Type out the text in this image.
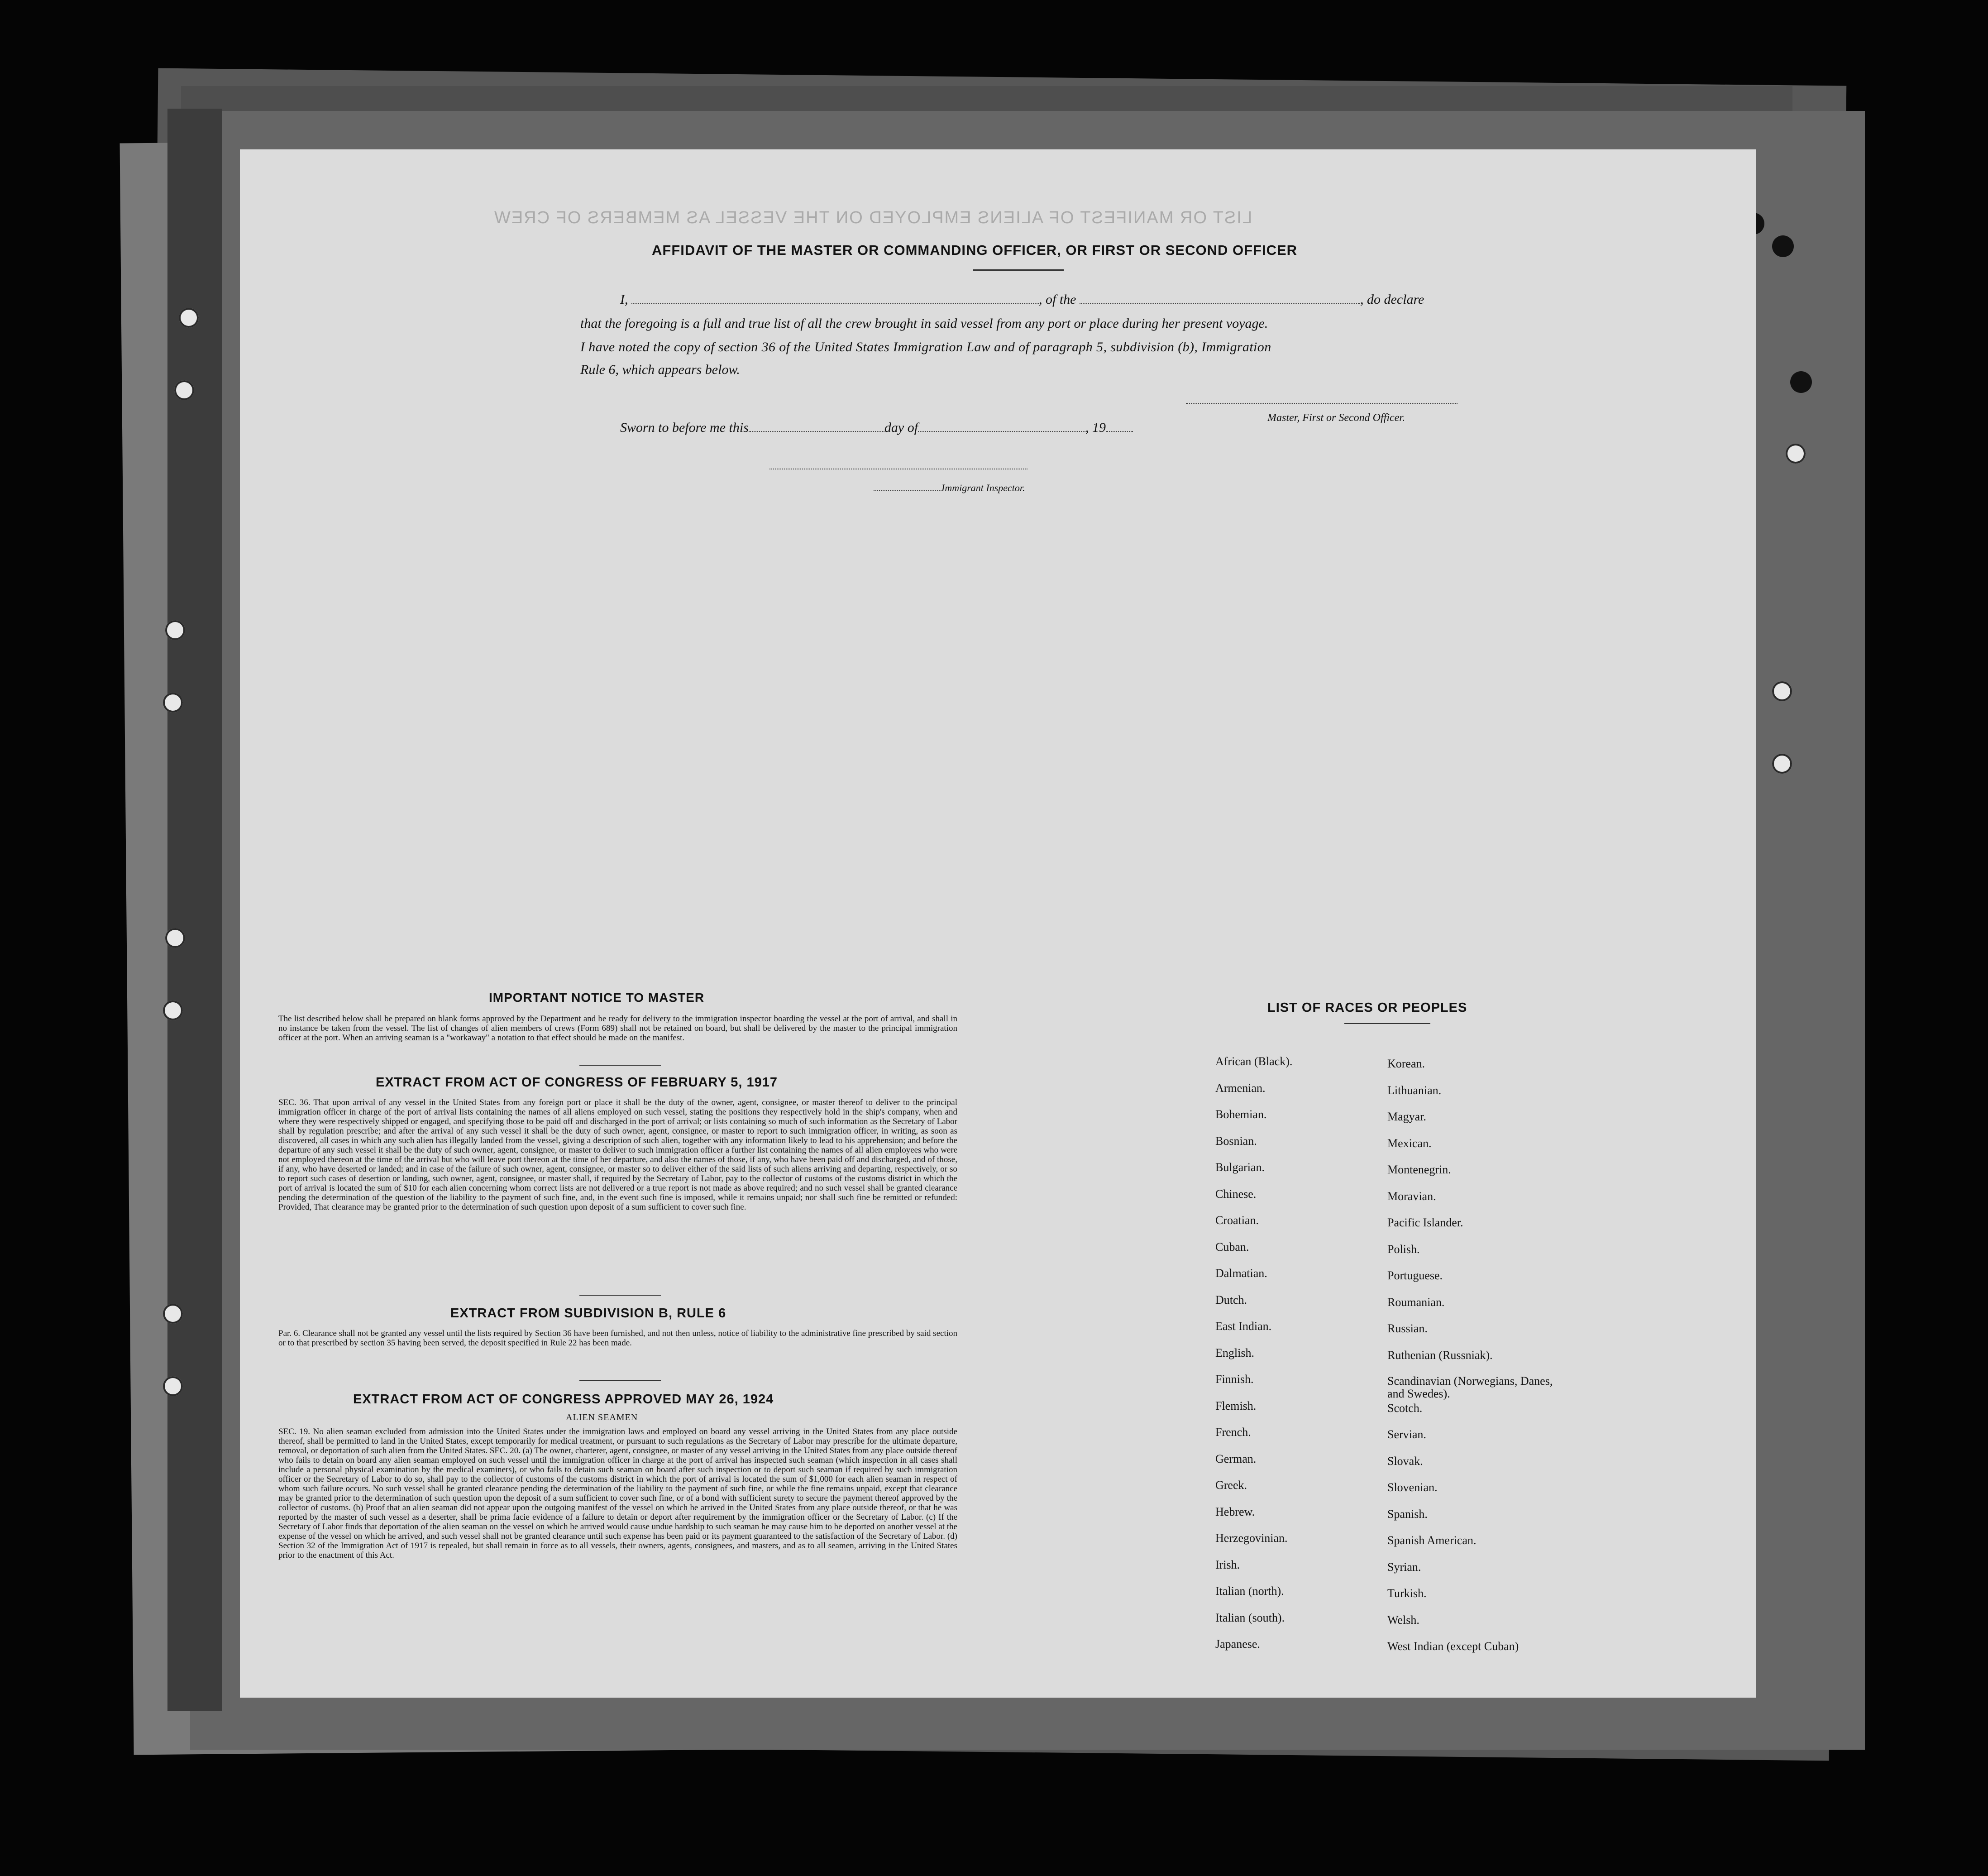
LIST OR MANIFEST OF ALIENS EMPLOYED ON THE VESSEL AS MEMBERS OF CREW
AFFIDAVIT OF THE MASTER OR COMMANDING OFFICER, OR FIRST OR SECOND OFFICER
I,	, of the	, do declare
that the foregoing is a full and true list of all the crew brought in said vessel from any port or place during her present voyage.
I have noted the copy of section 36 of the United States Immigration Law and of paragraph 5, subdivision (b), Immigration
Rule 6, which appears below.
Master, First or Second Officer.
Sworn to before me this	day of	, 19
Immigrant Inspector.
IMPORTANT NOTICE TO MASTER
The list described below shall be prepared on blank forms approved by the Department and be ready for delivery to the immigration inspector boarding the vessel at the port of arrival, and shall in no instance be taken from the vessel. The list of changes of alien members of crews (Form 689) shall not be retained on board, but shall be delivered by the master to the principal immigration officer at the port. When an arriving seaman is a "workaway" a notation to that effect should be made on the manifest.
EXTRACT FROM ACT OF CONGRESS OF FEBRUARY 5, 1917
SEC. 36. That upon arrival of any vessel in the United States from any foreign port or place it shall be the duty of the owner, agent, consignee, or master thereof to deliver to the principal immigration officer in charge of the port of arrival lists containing the names of all aliens employed on such vessel, stating the positions they respectively hold in the ship's company, when and where they were respectively shipped or engaged, and specifying those to be paid off and discharged in the port of arrival; or lists containing so much of such information as the Secretary of Labor shall by regulation prescribe; and after the arrival of any such vessel it shall be the duty of such owner, agent, consignee, or master to report to such immigration officer, in writing, as soon as discovered, all cases in which any such alien has illegally landed from the vessel, giving a description of such alien, together with any information likely to lead to his apprehension; and before the departure of any such vessel it shall be the duty of such owner, agent, consignee, or master to deliver to such immigration officer a further list containing the names of all alien employees who were not employed thereon at the time of the arrival but who will leave port thereon at the time of her departure, and also the names of those, if any, who have been paid off and discharged, and of those, if any, who have deserted or landed; and in case of the failure of such owner, agent, consignee, or master so to deliver either of the said lists of such aliens arriving and departing, respectively, or so to report such cases of desertion or landing, such owner, agent, consignee, or master shall, if required by the Secretary of Labor, pay to the collector of customs of the customs district in which the port of arrival is located the sum of $10 for each alien concerning whom correct lists are not delivered or a true report is not made as above required; and no such vessel shall be granted clearance pending the determination of the question of the liability to the payment of such fine, and, in the event such fine is imposed, while it remains unpaid; nor shall such fine be remitted or refunded: Provided, That clearance may be granted prior to the determination of such question upon deposit of a sum sufficient to cover such fine.
EXTRACT FROM SUBDIVISION B, RULE 6
Par. 6. Clearance shall not be granted any vessel until the lists required by Section 36 have been furnished, and not then unless, notice of liability to the administrative fine prescribed by said section or to that prescribed by section 35 having been served, the deposit specified in Rule 22 has been made.
EXTRACT FROM ACT OF CONGRESS APPROVED MAY 26, 1924
ALIEN SEAMEN
SEC. 19. No alien seaman excluded from admission into the United States under the immigration laws and employed on board any vessel arriving in the United States from any place outside thereof, shall be permitted to land in the United States, except temporarily for medical treatment, or pursuant to such regulations as the Secretary of Labor may prescribe for the ultimate departure, removal, or deportation of such alien from the United States. SEC. 20. (a) The owner, charterer, agent, consignee, or master of any vessel arriving in the United States from any place outside thereof who fails to detain on board any alien seaman employed on such vessel until the immigration officer in charge at the port of arrival has inspected such seaman (which inspection in all cases shall include a personal physical examination by the medical examiners), or who fails to detain such seaman on board after such inspection or to deport such seaman if required by such immigration officer or the Secretary of Labor to do so, shall pay to the collector of customs of the customs district in which the port of arrival is located the sum of $1,000 for each alien seaman in respect of whom such failure occurs. No such vessel shall be granted clearance pending the determination of the liability to the payment of such fine, or while the fine remains unpaid, except that clearance may be granted prior to the determination of such question upon the deposit of a sum sufficient to cover such fine, or of a bond with sufficient surety to secure the payment thereof approved by the collector of customs. (b) Proof that an alien seaman did not appear upon the outgoing manifest of the vessel on which he arrived in the United States from any place outside thereof, or that he was reported by the master of such vessel as a deserter, shall be prima facie evidence of a failure to detain or deport after requirement by the immigration officer or the Secretary of Labor. (c) If the Secretary of Labor finds that deportation of the alien seaman on the vessel on which he arrived would cause undue hardship to such seaman he may cause him to be deported on another vessel at the expense of the vessel on which he arrived, and such vessel shall not be granted clearance until such expense has been paid or its payment guaranteed to the satisfaction of the Secretary of Labor. (d) Section 32 of the Immigration Act of 1917 is repealed, but shall remain in force as to all vessels, their owners, agents, consignees, and masters, and as to all seamen, arriving in the United States prior to the enactment of this Act.
LIST OF RACES OR PEOPLES
African (Black).
Armenian.
Bohemian.
Bosnian.
Bulgarian.
Chinese.
Croatian.
Cuban.
Dalmatian.
Dutch.
East Indian.
English.
Finnish.
Flemish.
French.
German.
Greek.
Hebrew.
Herzegovinian.
Irish.
Italian (north).
Italian (south).
Japanese.
Korean.
Lithuanian.
Magyar.
Mexican.
Montenegrin.
Moravian.
Pacific Islander.
Polish.
Portuguese.
Roumanian.
Russian.
Ruthenian (Russniak).
Scandinavian (Norwegians, Danes, and Swedes).
Scotch.
Servian.
Slovak.
Slovenian.
Spanish.
Spanish American.
Syrian.
Turkish.
Welsh.
West Indian (except Cuban)
